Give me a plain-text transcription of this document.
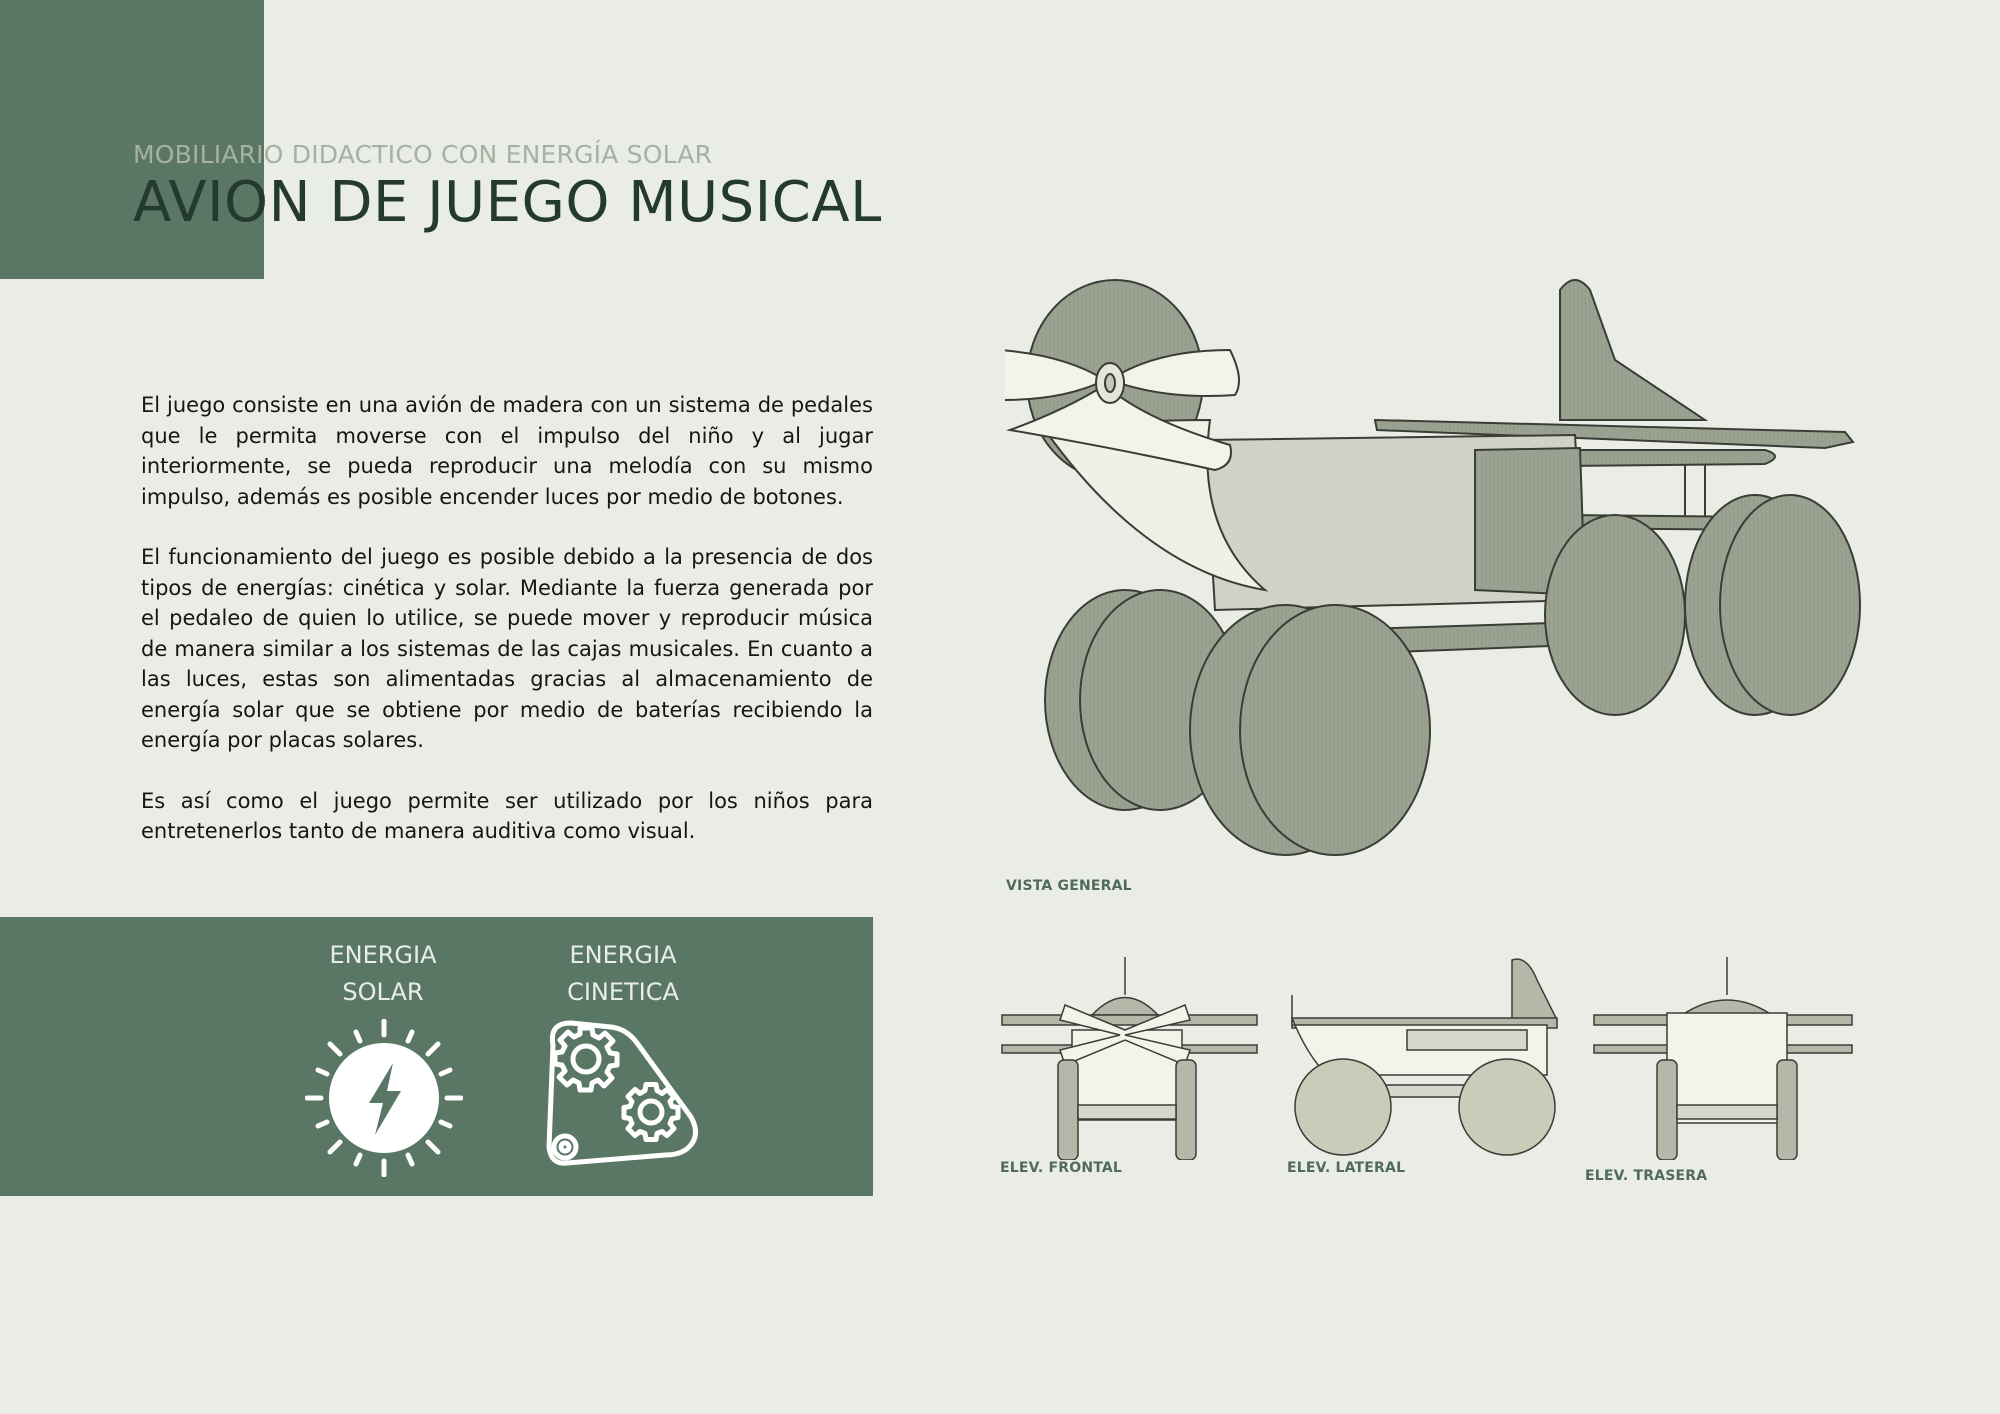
MOBILIARIO DIDACTICO CON ENERGÍA SOLAR
AVION DE JUEGO MUSICAL

El juego consiste en una avión de madera con un sistema de pedales que le permita moverse con el impulso del niño y al jugar interiormente, se pueda reproducir una melodía con su mismo impulso, además es posible encender luces por medio de botones.

El funcionamiento del juego es posible debido a la presencia de dos tipos de energías: cinética y solar. Mediante la fuerza generada por el pedaleo de quien lo utilice, se puede mover y reproducir música de manera similar a los sistemas de las cajas musicales. En cuanto a las luces, estas son alimentadas gracias al almacenamiento de energía solar que se obtiene por medio de baterías recibiendo la energía por placas solares.

Es así como el juego permite ser utilizado por los niños para entretenerlos tanto de manera auditiva como visual.

ENERGIA
SOLAR
ENERGIA
CINETICA
VISTA GENERAL
ELEV. FRONTAL	ELEV. LATERAL	ELEV. TRASERA
